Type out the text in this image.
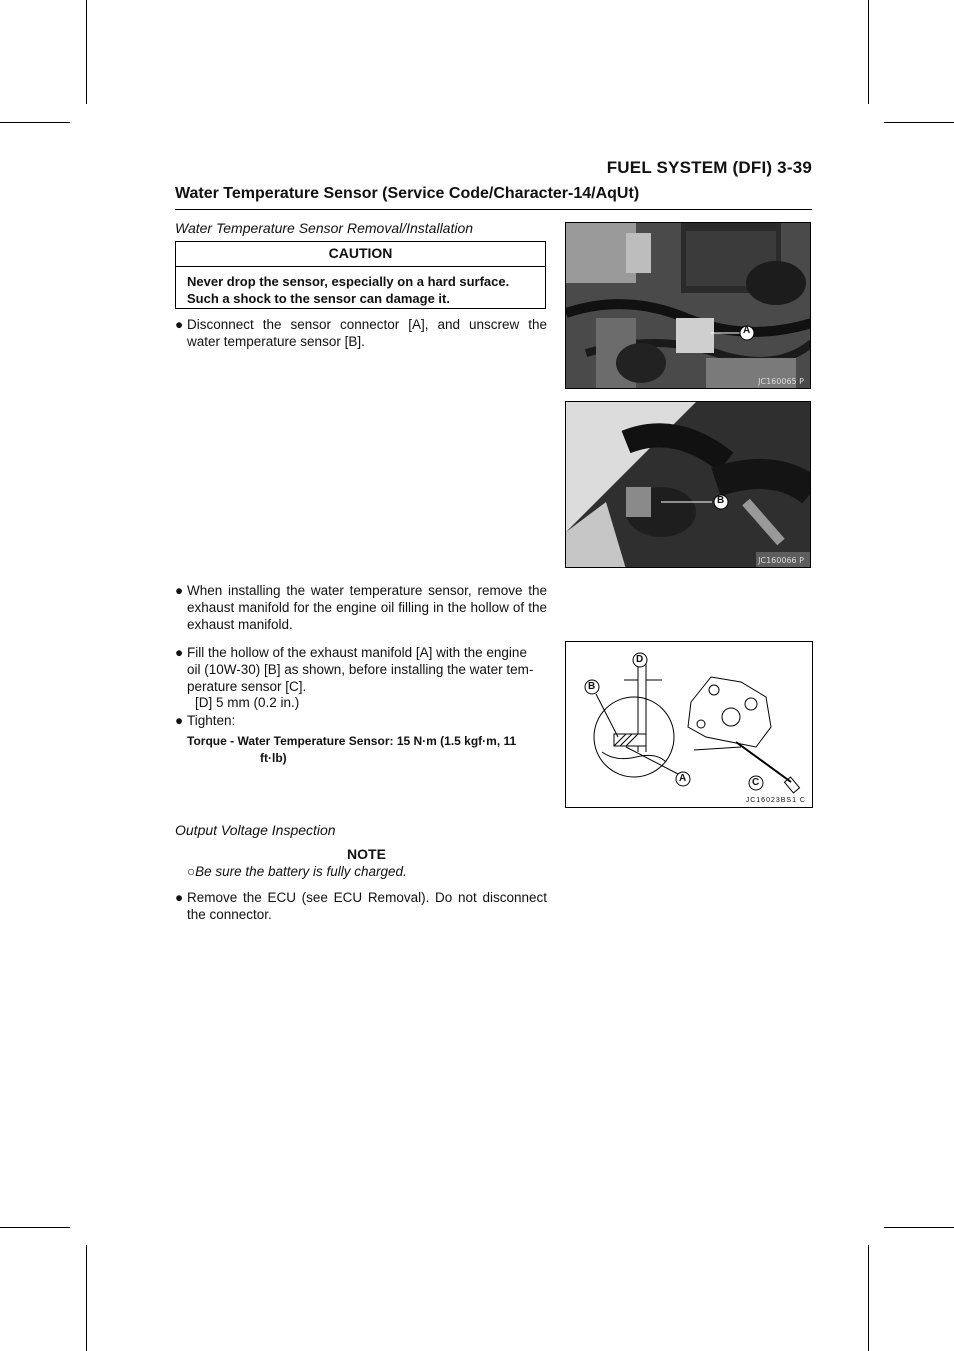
FUEL SYSTEM (DFI) 3-39
Water Temperature Sensor (Service Code/Character-14/AqUt)
Water Temperature Sensor Removal/Installation
CAUTION
Never drop the sensor, especially on a hard surface.
Such a shock to the sensor can damage it.
● Disconnect the sensor connector [A], and unscrew the water temperature sensor [B].
A
JC160065 P
B
JC160066 P
● When installing the water temperature sensor, remove the exhaust manifold for the engine oil filling in the hollow of the exhaust manifold.
● Fill the hollow of the exhaust manifold [A] with the engine
oil (10W-30) [B] as shown, before installing the water tem-
perature sensor [C].
[D] 5 mm (0.2 in.)
● Tighten:
Torque - Water Temperature Sensor: 15 N·m (1.5 kgf·m, 11
ft·lb)
D
B
A	C
JC16023BS1 C
Output Voltage Inspection
NOTE
○Be sure the battery is fully charged.
● Remove the ECU (see ECU Removal). Do not disconnect the connector.
